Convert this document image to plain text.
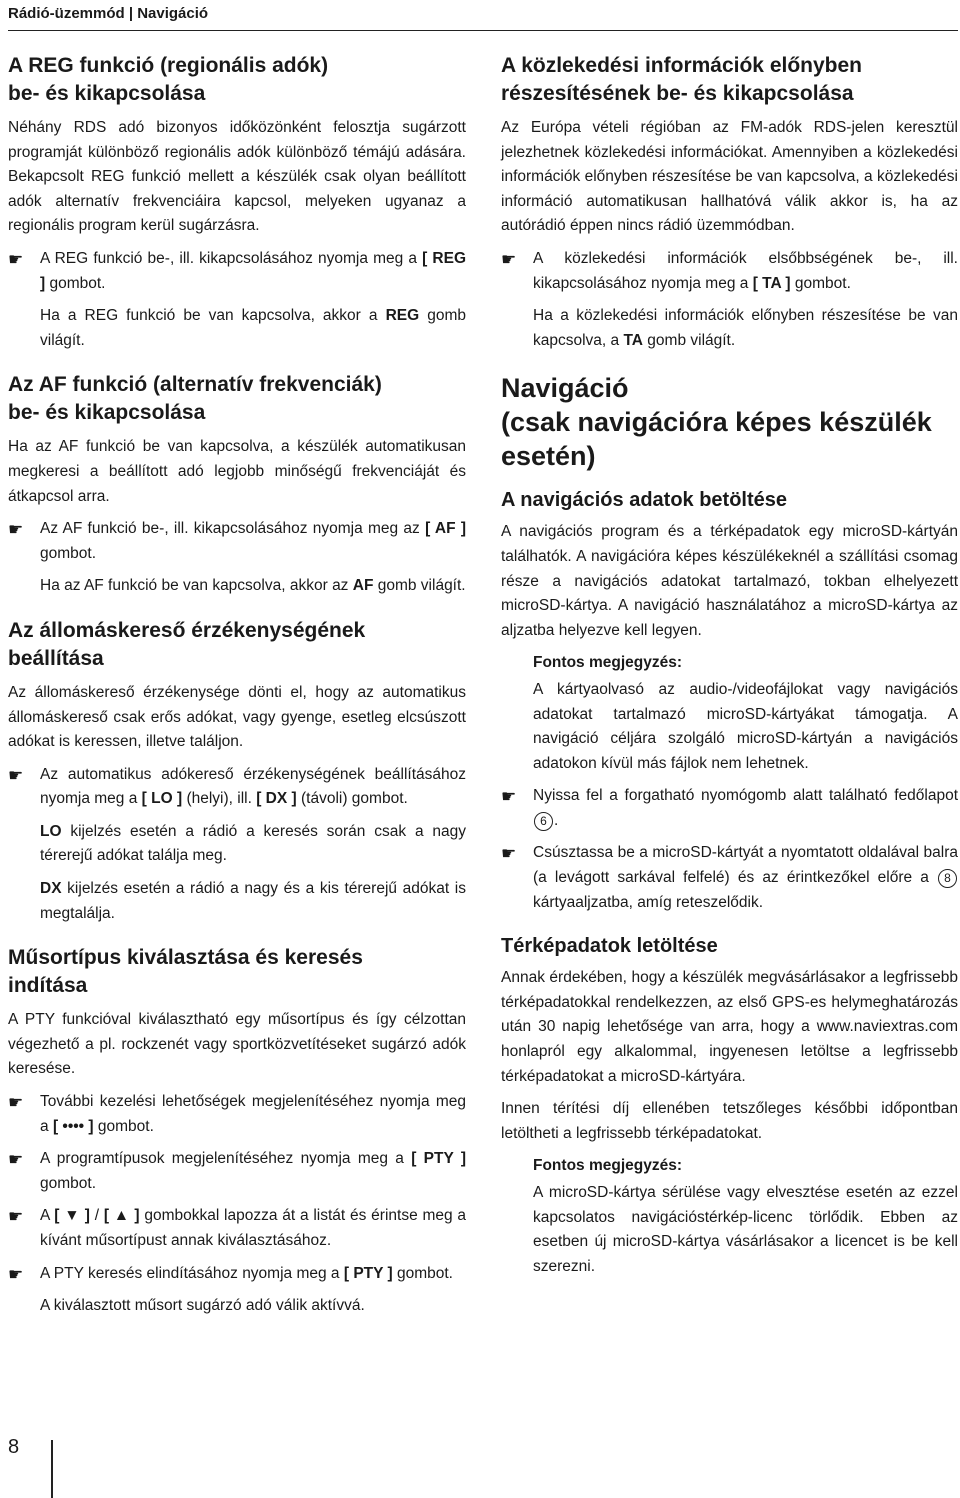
Rádió-üzemmód | Navigáció
A REG funkció (regionális adók)
be- és kikapcsolása

Néhány RDS adó bizonyos időközönként felosztja sugárzott programját különböző regionális adók különböző témájú adására. Bekapcsolt REG funkció mellett a készülék csak olyan beállított adók alternatív frekvenciáira kapcsol, melyeken ugyanaz a regionális program kerül sugárzásra.

☛ A REG funkció be-, ill. kikapcsolásához nyomja meg a [ REG ] gombot.
Ha a REG funkció be van kapcsolva, akkor a REG gomb világít.
Az AF funkció (alternatív frekvenciák)
be- és kikapcsolása

Ha az AF funkció be van kapcsolva, a készülék automatikusan megkeresi a beállított adó legjobb minőségű frekvenciáját és átkapcsol arra.

☛ Az AF funkció be-, ill. kikapcsolásához nyomja meg az [ AF ] gombot.
Ha az AF funkció be van kapcsolva, akkor az AF gomb világít.
Az állomáskereső érzékenységének
beállítása

Az állomáskereső érzékenysége dönti el, hogy az automatikus állomáskereső csak erős adókat, vagy gyenge, esetleg elcsúszott adókat is keressen, illetve találjon.

☛ Az automatikus adókereső érzékenységének beállításához nyomja meg a [ LO ] (helyi), ill. [ DX ] (távoli) gombot.
LO kijelzés esetén a rádió a keresés során csak a nagy térerejű adókat találja meg.
DX kijelzés esetén a rádió a nagy és a kis térerejű adókat is megtalálja.
Műsortípus kiválasztása és keresés
indítása

A PTY funkcióval kiválasztható egy műsortípus és így célzottan végezhető a pl. rockzenét vagy sportközvetítéseket sugárzó adók keresése.

☛ További kezelési lehetőségek megjelenítéséhez nyomja meg a [ •••• ] gombot.
☛ A programtípusok megjelenítéséhez nyomja meg a [ PTY ] gombot.
☛ A [ ▼ ] / [ ▲ ] gombokkal lapozza át a listát és érintse meg a kívánt műsortípust annak kiválasztásához.
☛ A PTY keresés elindításához nyomja meg a [ PTY ] gombot.
A kiválasztott műsort sugárzó adó válik aktívvá.
A közlekedési információk előnyben
részesítésének be- és kikapcsolása

Az Európa vételi régióban az FM-adók RDS-jelen keresztül jelezhetnek közlekedési információkat. Amennyiben a közlekedési információk előnyben részesítése be van kapcsolva, a közlekedési információ automatikusan hallhatóvá válik akkor is, ha az autórádió éppen nincs rádió üzemmódban.

☛ A közlekedési információk elsőbbségének be-, ill. kikapcsolásához nyomja meg a [ TA ] gombot.
Ha a közlekedési információk előnyben részesítése be van kapcsolva, a TA gomb világít.
Navigáció
(csak navigációra képes készülék
esetén)
A navigációs adatok betöltése

A navigációs program és a térképadatok egy microSD-kártyán találhatók. A navigációra képes készülékeknél a szállítási csomag része a navigációs adatokat tartalmazó, tokban elhelyezett microSD-kártya. A navigáció használatához a microSD-kártya az aljzatba helyezve kell legyen.

Fontos megjegyzés:
A kártyaolvasó az audio-/videofájlokat vagy navigációs adatokat tartalmazó microSD-kártyákat támogatja. A navigáció céljára szolgáló microSD-kártyán a navigációs adatokon kívül más fájlok nem lehetnek.
☛ Nyissa fel a forgatható nyomógomb alatt található fedőlapot 6 .
☛ Csúsztassa be a microSD-kártyát a nyomtatott oldalával balra (a levágott sarkával felfelé) és az érintkezőkel előre a 8 kártyaaljzatba, amíg reteszelődik.
Térképadatok letöltése

Annak érdekében, hogy a készülék megvásárlásakor a legfrissebb térképadatokkal rendelkezzen, az első GPS-es helymeghatározás után 30 napig lehetősége van arra, hogy a www.naviextras.com honlapról egy alkalommal, ingyenesen letöltse a legfrissebb térképadatokat a microSD-kártyára.

Innen térítési díj ellenében tetszőleges későbbi időpontban letöltheti a legfrissebb térképadatokat.

Fontos megjegyzés:
A microSD-kártya sérülése vagy elvesztése esetén az ezzel kapcsolatos navigációstérkép-licenc törlődik. Ebben az esetben új microSD-kártya vásárlásakor a licencet is be kell szerezni.
8
